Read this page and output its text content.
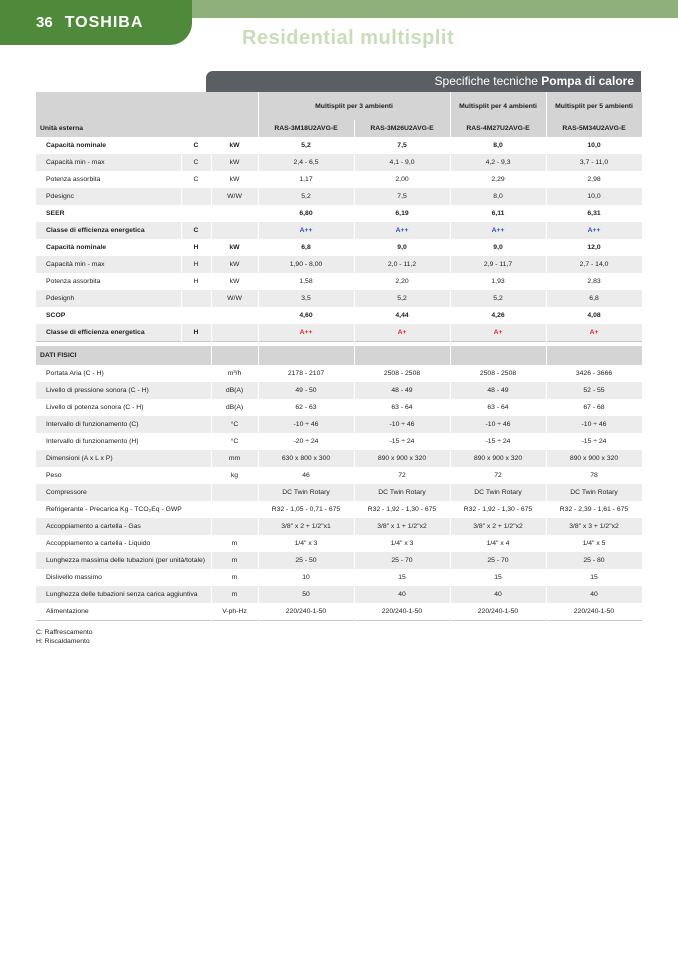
36 TOSHIBA
Residential multisplit
Specifiche tecniche Pompa di calore
			Multisplit per 3 ambienti		Multisplit per 4 ambienti	Multisplit per 5 ambienti
Unità esterna			RAS-3M18U2AVG-E	RAS-3M26U2AVG-E	RAS-4M27U2AVG-E	RAS-5M34U2AVG-E
Capacità nominale	C	kW	5,2	7,5	8,0	10,0
Capacità min - max	C	kW	2,4 - 6,5	4,1 - 9,0	4,2 - 9,3	3,7 - 11,0
Potenza assorbita	C	kW	1,17	2,00	2,29	2,98
Pdesignc		W/W	5,2	7,5	8,0	10,0
SEER			6,80	6,19	6,11	6,31
Classe di efficienza energetica	C		A++	A++	A++	A++
Capacità nominale	H	kW	6,8	9,0	9,0	12,0
Capacità min - max	H	kW	1,90 - 8,00	2,0 - 11,2	2,9 - 11,7	2,7 - 14,0
Potenza assorbita	H	kW	1,58	2,20	1,93	2,83
Pdesignh		W/W	3,5	5,2	5,2	6,8
SCOP			4,60	4,44	4,26	4,08
Classe di efficienza energetica	H		A++	A+	A+	A+
DATI FISICI					
Portata Aria (C - H)	m³/h	2178 - 2107	2508 - 2508	2508 - 2508	3426 - 3666
Livello di pressione sonora (C - H)	dB(A)	49 - 50	48 - 49	48 - 49	52 - 55
Livello di potenza sonora (C - H)	dB(A)	62 - 63	63 - 64	63 - 64	67 - 68
Intervallo di funzionamento (C)	°C	-10 ÷ 46	-10 ÷ 46	-10 ÷ 46	-10 ÷ 46
Intervallo di funzionamento (H)	°C	-20 ÷ 24	-15 ÷ 24	-15 ÷ 24	-15 ÷ 24
Dimensioni (A x L x P)	mm	630 x 800 x 300	890 x 900 x 320	890 x 900 x 320	890 x 900 x 320
Peso	kg	46	72	72	78
Compressore		DC Twin Rotary	DC Twin Rotary	DC Twin Rotary	DC Twin Rotary
Refrigerante - Precarica Kg - TCO₂Eq - GWP		R32 - 1,05 - 0,71 - 675	R32 - 1,92 - 1,30 - 675	R32 - 1,92 - 1,30 - 675	R32 - 2,39 - 1,61 - 675
Accoppiamento a cartella - Gas		3/8" x 2 + 1/2"x1	3/8" x 1 + 1/2"x2	3/8" x 2 + 1/2"x2	3/8" x 3 + 1/2"x2
Accoppiamento a cartella - Liquido	m	1/4" x 3	1/4" x 3	1/4" x 4	1/4" x 5
Lunghezza massima delle tubazioni (per unità/totale)	m	25 - 50	25 - 70	25 - 70	25 - 80
Dislivello massimo	m	10	15	15	15
Lunghezza delle tubazioni senza carica aggiuntiva	m	50	40	40	40
Alimentazione	V-ph-Hz	220/240-1-50	220/240-1-50	220/240-1-50	220/240-1-50
C: Raffrescamento
H: Riscaldamento
